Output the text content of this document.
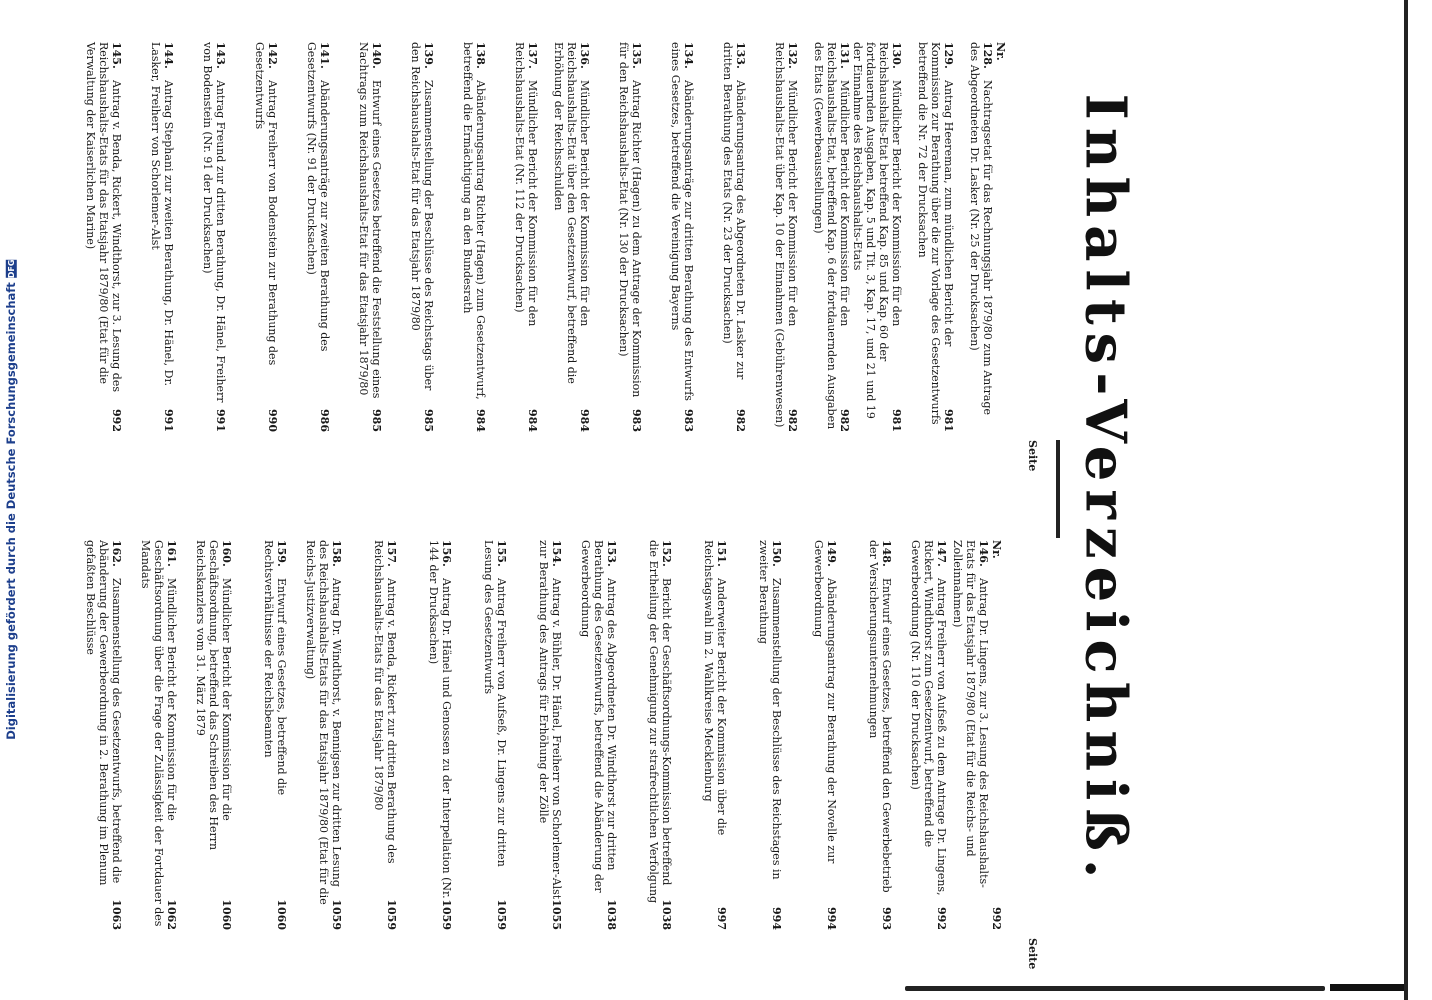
Digitalisierung gefördert durch die Deutsche Forschungsgemeinschaft
DFG	Inhalts-Verzeichniß.
Nr. 128.Nachtragsetat für das Rechnungsjahr 1879/80 zum Antrage des Abgeordneten Dr. Lasker (Nr. 25 der Drucksachen)
981
129.Antrag Heereman, zum mündlichen Bericht der Kommission zur Berathung über die zur Vorlage des Gesetzentwurfs betreffend die Nr. 72 der Drucksachen
981
130.Mündlicher Bericht der Kommission für den Reichshaushalts-Etat betreffend Kap. 85 und Kap. 60 der fortdauernden Ausgaben, Kap. 5 und Tit. 3, Kap. 17, und 21 und 19 der Einnahme des Reichshaushalts-Etats
982
131.Mündlicher Bericht der Kommission für den Reichshaushalts-Etat, betreffend Kap. 6 der fortdauernden Ausgaben des Etats (Gewerbeausstellungen)
982
132.Mündlicher Bericht der Kommission für den Reichshaushalts-Etat über Kap. 10 der Einnahmen (Gebührenwesen)
982
133.Abänderungsantrag des Abgeordneten Dr. Lasker zur dritten Berathung des Etats (Nr. 23 der Drucksachen)
983
134.Abänderungsanträge zur dritten Berathung des Entwurfs eines Gesetzes, betreffend die Vereinigung Bayerns
983
135.Antrag Richter (Hagen) zu dem Antrage der Kommission für den Reichshaushalts-Etat (Nr. 130 der Drucksachen)
984
136.Mündlicher Bericht der Kommission für den Reichshaushalts-Etat über den Gesetzentwurf, betreffend die Erhöhung der Reichsschulden
984
137.Mündlicher Bericht der Kommission für den Reichshaushalts-Etat (Nr. 112 der Drucksachen)
984
138.Abänderungsantrag Richter (Hagen) zum Gesetzentwurf, betreffend die Ermächtigung an den Bundesrath
985
139.Zusammenstellung der Beschlüsse des Reichstags über den Reichshaushalts-Etat für das Etatsjahr 1879/80
985
140.Entwurf eines Gesetzes betreffend die Feststellung eines Nachtrags zum Reichshaushalts-Etat für das Etatsjahr 1879/80
986
141.Abänderungsanträge zur zweiten Berathung des Gesetzentwurfs (Nr. 91 der Drucksachen)
990
142.Antrag Freiherr von Bodenstein zur Berathung des Gesetzentwurfs
991
143.Antrag Freund zur dritten Berathung, Dr. Hänel, Freiherr von Bodenstein (Nr. 91 der Drucksachen)
991
144.Antrag Stephani zur zweiten Berathung, Dr. Hänel, Dr. Lasker, Freiherr von Schorlemer-Alst
992
145.Antrag v. Benda, Rickert, Windthorst, zur 3. Lesung des Reichshaushalts-Etats für das Etatsjahr 1879/80 (Etat für die Verwaltung der Kaiserlichen Marine)
Seite
992
Nr. 146.Antrag Dr. Lingens, zur 3. Lesung des Reichshaushalts-Etats für das Etatsjahr 1879/80 (Etat für die Reichs- und Zolleinnahmen)
992
147.Antrag Freiherr von Aufseß zu dem Antrage Dr. Lingens, Rickert, Windthorst zum Gesetzentwurf, betreffend die Gewerbeordnung (Nr. 110 der Drucksachen)
993
148.Entwurf eines Gesetzes, betreffend den Gewerbebetrieb der Versicherungsunternehmungen
994
149.Abänderungsantrag zur Berathung der Novelle zur Gewerbeordnung
994
150.Zusammenstellung der Beschlüsse des Reichstages in zweiter Berathung
997
151.Anderweiter Bericht der Kommission über die Reichstagswahl im 2. Wahlkreise Mecklenburg
1038
152.Bericht der Geschäftsordnungs-Kommission betreffend die Ertheilung der Genehmigung zur strafrechtlichen Verfolgung
1038
153.Antrag des Abgeordneten Dr. Windthorst zur dritten Berathung des Gesetzentwurfs, betreffend die Abänderung der Gewerbeordnung
1055
154.Antrag v. Bühler, Dr. Hänel, Freiherr von Schorlemer-Alst zur Berathung des Antrags für Erhöhung der Zölle
1059
155.Antrag Freiherr von Aufseß, Dr. Lingens zur dritten Lesung des Gesetzentwurfs
1059
156.Antrag Dr. Hänel und Genossen zu der Interpellation (Nr. 144 der Drucksachen)
1059
157.Antrag v. Benda, Rickert zur dritten Berathung des Reichshaushalts-Etats für das Etatsjahr 1879/80
1059
158.Antrag Dr. Windthorst, v. Bennigsen zur dritten Lesung des Reichshaushalts-Etats für das Etatsjahr 1879/80 (Etat für die Reichs-Justizverwaltung)
1060
159.Entwurf eines Gesetzes, betreffend die Rechtsverhältnisse der Reichsbeamten
1060
160.Mündlicher Bericht der Kommission für die Geschäftsordnung, betreffend das Schreiben des Herrn Reichskanzlers vom 31. März 1879
1062
161.Mündlicher Bericht der Kommission für die Geschäftsordnung über die Frage der Zulässigkeit der Fortdauer des Mandats
1063
162.Zusammenstellung des Gesetzentwurfs, betreffend die Abänderung der Gewerbeordnung in 2. Berathung im Plenum gefaßten Beschlüsse
Seite
